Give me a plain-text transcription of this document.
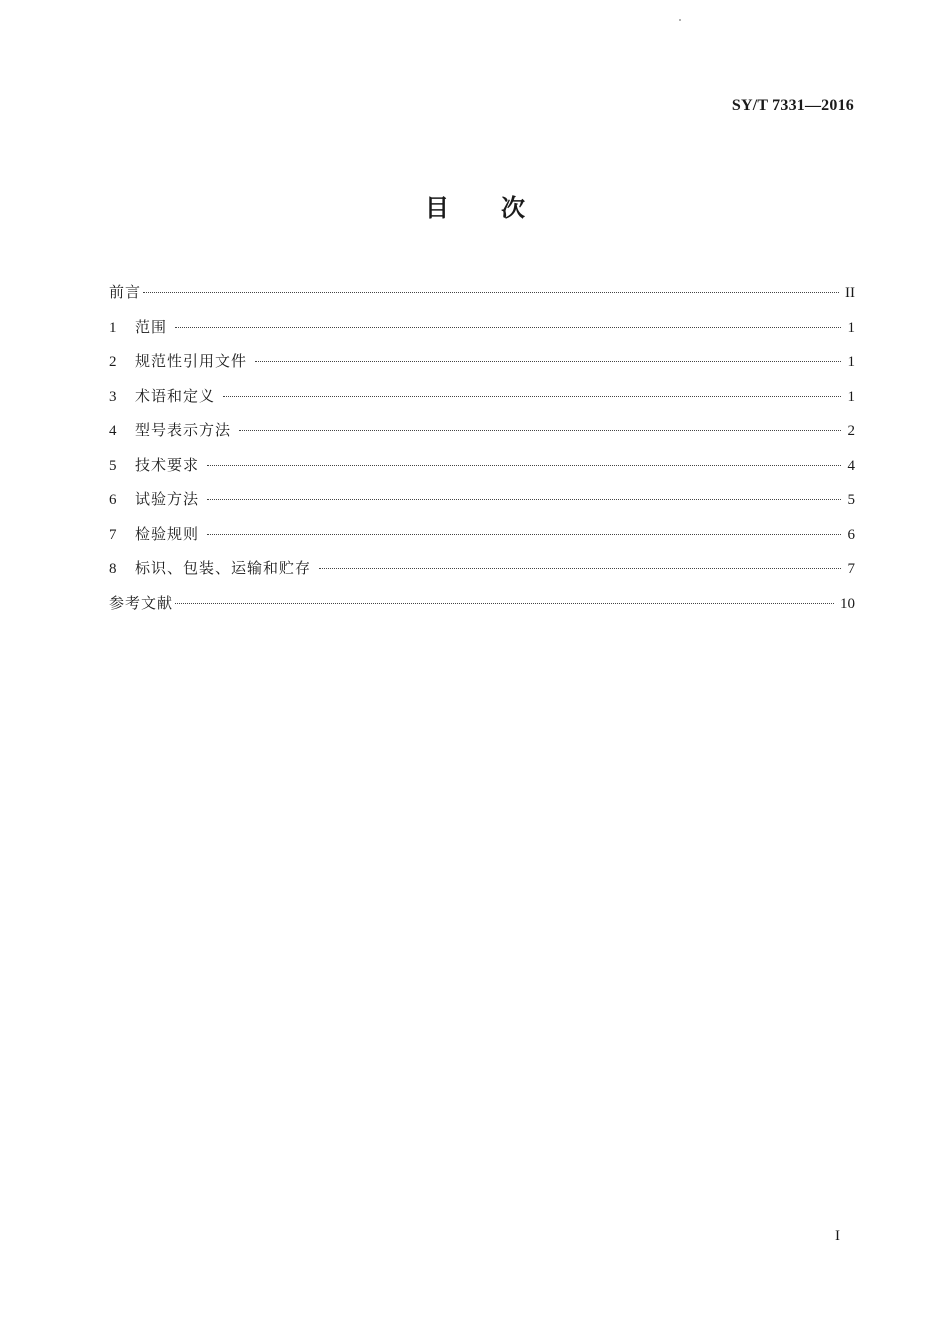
SY/T 7331—2016
目次
前言	II
1	范围	1
2	规范性引用文件	1
3	术语和定义	1
4	型号表示方法	2
5	技术要求	4
6	试验方法	5
7	检验规则	6
8	标识、包装、运输和贮存	7
参考文献	10
I
